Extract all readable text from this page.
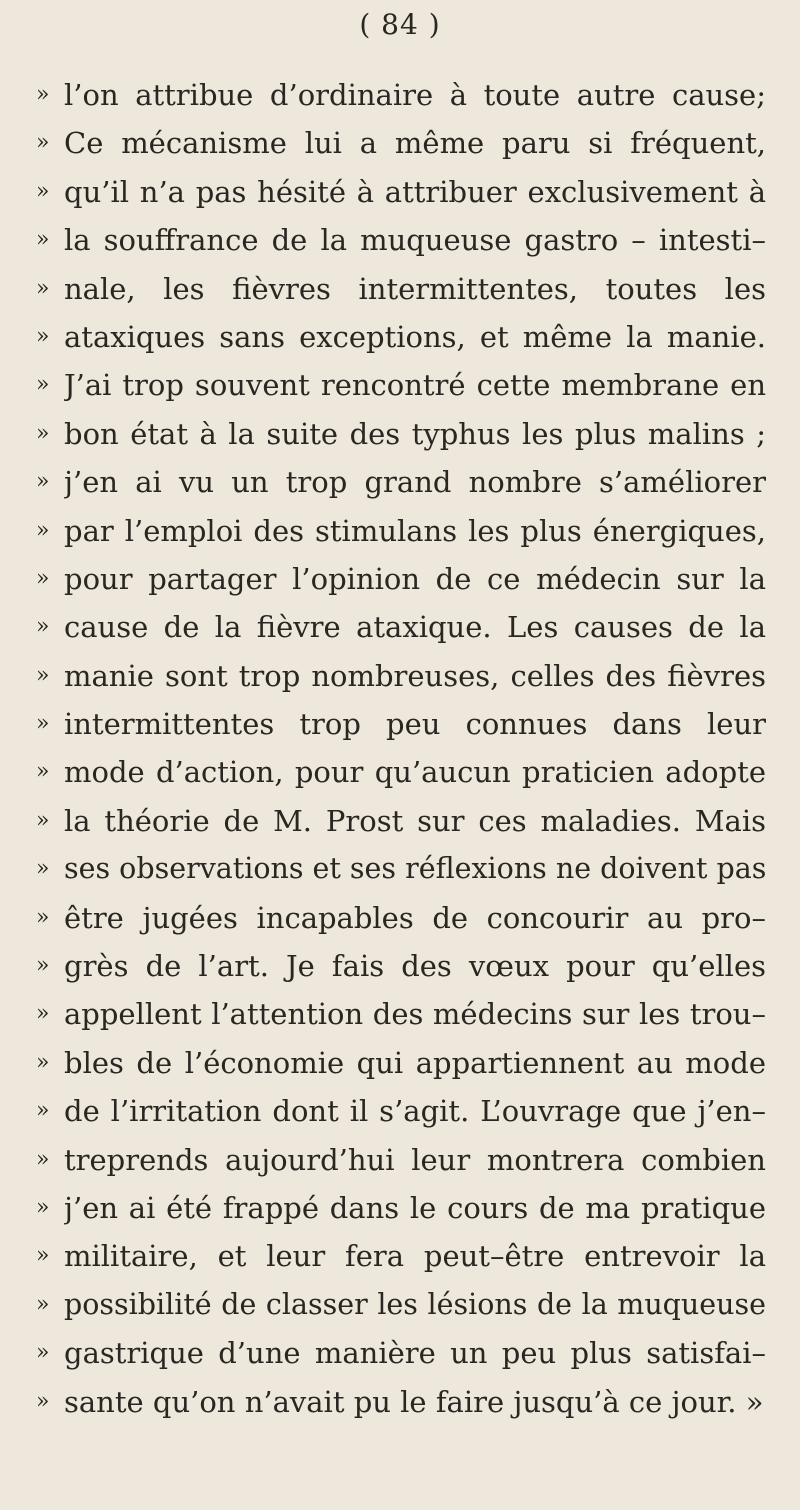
( 84 )
» l’on attribue d’ordinaire à toute autre cause;
» Ce mécanisme lui a même paru si fréquent,
» qu’il n’a pas hésité à attribuer exclusivement à
» la souffrance de la muqueuse gastro – intesti–
» nale, les fièvres intermittentes, toutes les
» ataxiques sans exceptions, et même la manie.
» J’ai trop souvent rencontré cette membrane en
» bon état à la suite des typhus les plus malins ;
» j’en ai vu un trop grand nombre s’améliorer
» par l’emploi des stimulans les plus énergiques,
» pour partager l’opinion de ce médecin sur la
» cause de la fièvre ataxique. Les causes de la
» manie sont trop nombreuses, celles des fièvres
» intermittentes trop peu connues dans leur
» mode d’action, pour qu’aucun praticien adopte
» la théorie de M. Prost sur ces maladies. Mais
» ses observations et ses réflexions ne doivent pas
» être jugées incapables de concourir au pro–
» grès de l’art. Je fais des vœux pour qu’elles
» appellent l’attention des médecins sur les trou–
» bles de l’économie qui appartiennent au mode
» de l’irritation dont il s’agit. L’ouvrage que j’en–
» treprends aujourd’hui leur montrera combien
» j’en ai été frappé dans le cours de ma pratique
» militaire, et leur fera peut–être entrevoir la
» possibilité de classer les lésions de la muqueuse
» gastrique d’une manière un peu plus satisfai–
» sante qu’on n’avait pu le faire jusqu’à ce jour. »
